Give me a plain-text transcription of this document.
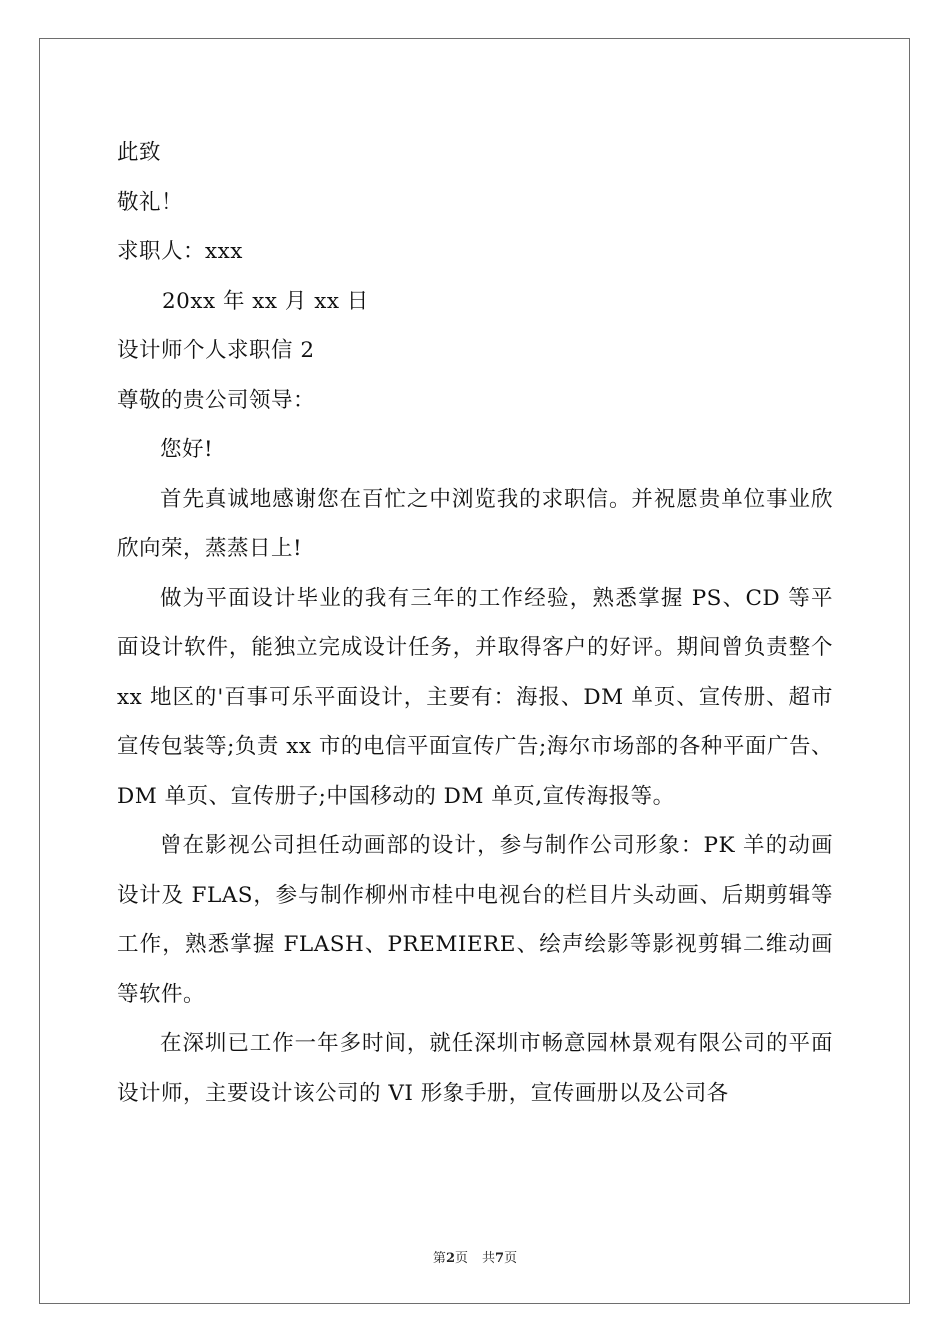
此致

敬礼！

求职人：xxx

20xx 年 xx 月 xx 日

设计师个人求职信 2

尊敬的贵公司领导：

您好!

首先真诚地感谢您在百忙之中浏览我的求职信。并祝愿贵单位事业欣欣向荣，蒸蒸日上!

做为平面设计毕业的我有三年的工作经验，熟悉掌握 PS、CD 等平面设计软件，能独立完成设计任务，并取得客户的好评。期间曾负责整个 xx 地区的'百事可乐平面设计，主要有：海报、DM 单页、宣传册、超市宣传包装等;负责 xx 市的电信平面宣传广告;海尔市场部的各种平面广告、DM 单页、宣传册子;中国移动的 DM 单页,宣传海报等。

曾在影视公司担任动画部的设计，参与制作公司形象：PK 羊的动画设计及 FLAS，参与制作柳州市桂中电视台的栏目片头动画、后期剪辑等工作，熟悉掌握 FLASH、PREMIERE、绘声绘影等影视剪辑二维动画等软件。

在深圳已工作一年多时间，就任深圳市畅意园林景观有限公司的平面设计师，主要设计该公司的 VI 形象手册，宣传画册以及公司各

第2页 共7页
